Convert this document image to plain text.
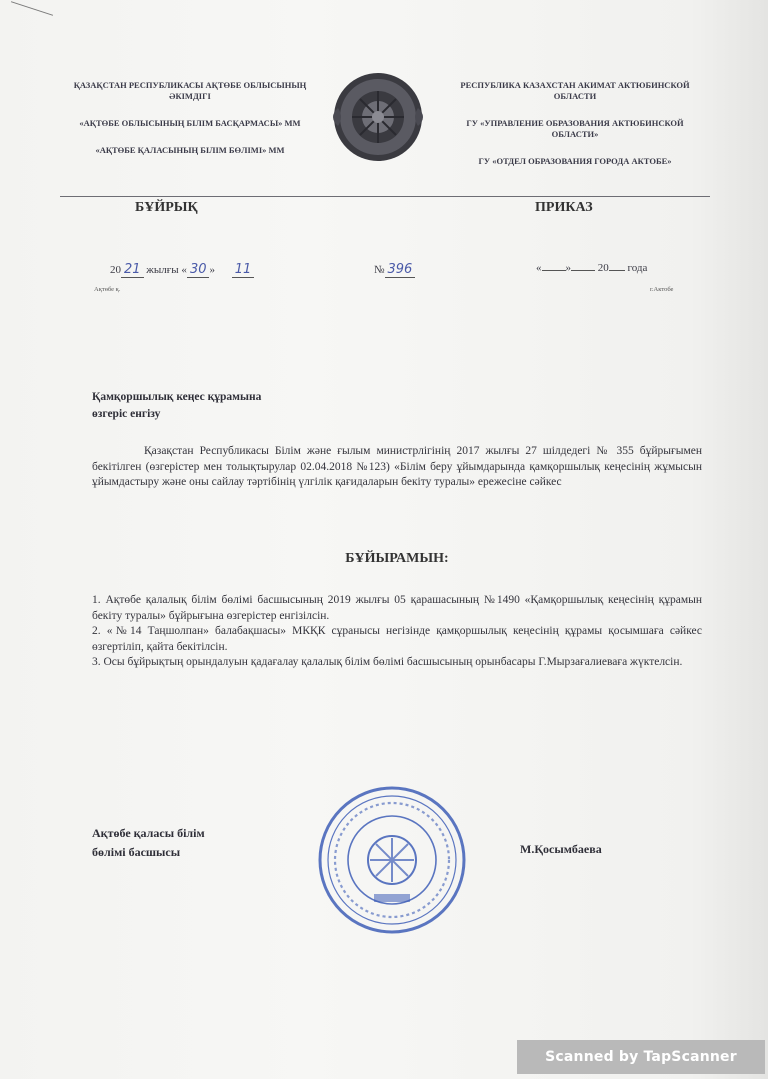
ҚАЗАҚСТАН РЕСПУБЛИКАСЫ АҚТӨБЕ ОБЛЫСЫНЫҢ ӘКІМДІГІ

«АҚТӨБЕ ОБЛЫСЫНЫҢ БІЛІМ БАСҚАРМАСЫ» ММ

«АҚТӨБЕ ҚАЛАСЫНЫҢ БІЛІМ БӨЛІМІ» ММ

РЕСПУБЛИКА КАЗАХСТАН АКИМАТ АКТЮБИНСКОЙ ОБЛАСТИ

ГУ «УПРАВЛЕНИЕ ОБРАЗОВАНИЯ АКТЮБИНСКОЙ ОБЛАСТИ»

ГУ «ОТДЕЛ ОБРАЗОВАНИЯ ГОРОДА АКТОБЕ»

БҰЙРЫҚ	ПРИКАЗ
20 21 жылғы « 30 » 11	№ 396	« » 20 года
Ақтөбе қ.	г.Актобе
Қамқоршылық кеңес құрамына
өзгеріс енгізу

Қазақстан Республикасы Білім және ғылым министрлігінің 2017 жылғы 27 шілдедегі № 355 бұйрығымен бекітілген (өзгерістер мен толықтырулар 02.04.2018 №123) «Білім беру ұйымдарында қамқоршылық кеңесінің жұмысын ұйымдастыру және оны сайлау тәртібінің үлгілік қағидаларын бекіту туралы» ережесіне сәйкес

БҰЙЫРАМЫН:

1. Ақтөбе қалалық білім бөлімі басшысының 2019 жылғы 05 қарашасының №1490 «Қамқоршылық кеңесінің құрамын бекіту туралы» бұйрығына өзгерістер енгізілсін.

2. «№14 Таңшолпан» балабақшасы» МКҚК сұранысы негізінде қамқоршылық кеңесінің құрамы қосымшаға сәйкес өзгертіліп, қайта бекітілсін.

3. Осы бұйрықтың орындалуын қадағалау қалалық білім бөлімі басшысының орынбасары Г.Мырзағалиеваға жүктелсін.

Ақтөбе қаласы білім
бөлімі басшысы	М.Қосымбаева
Scanned by TapScanner
